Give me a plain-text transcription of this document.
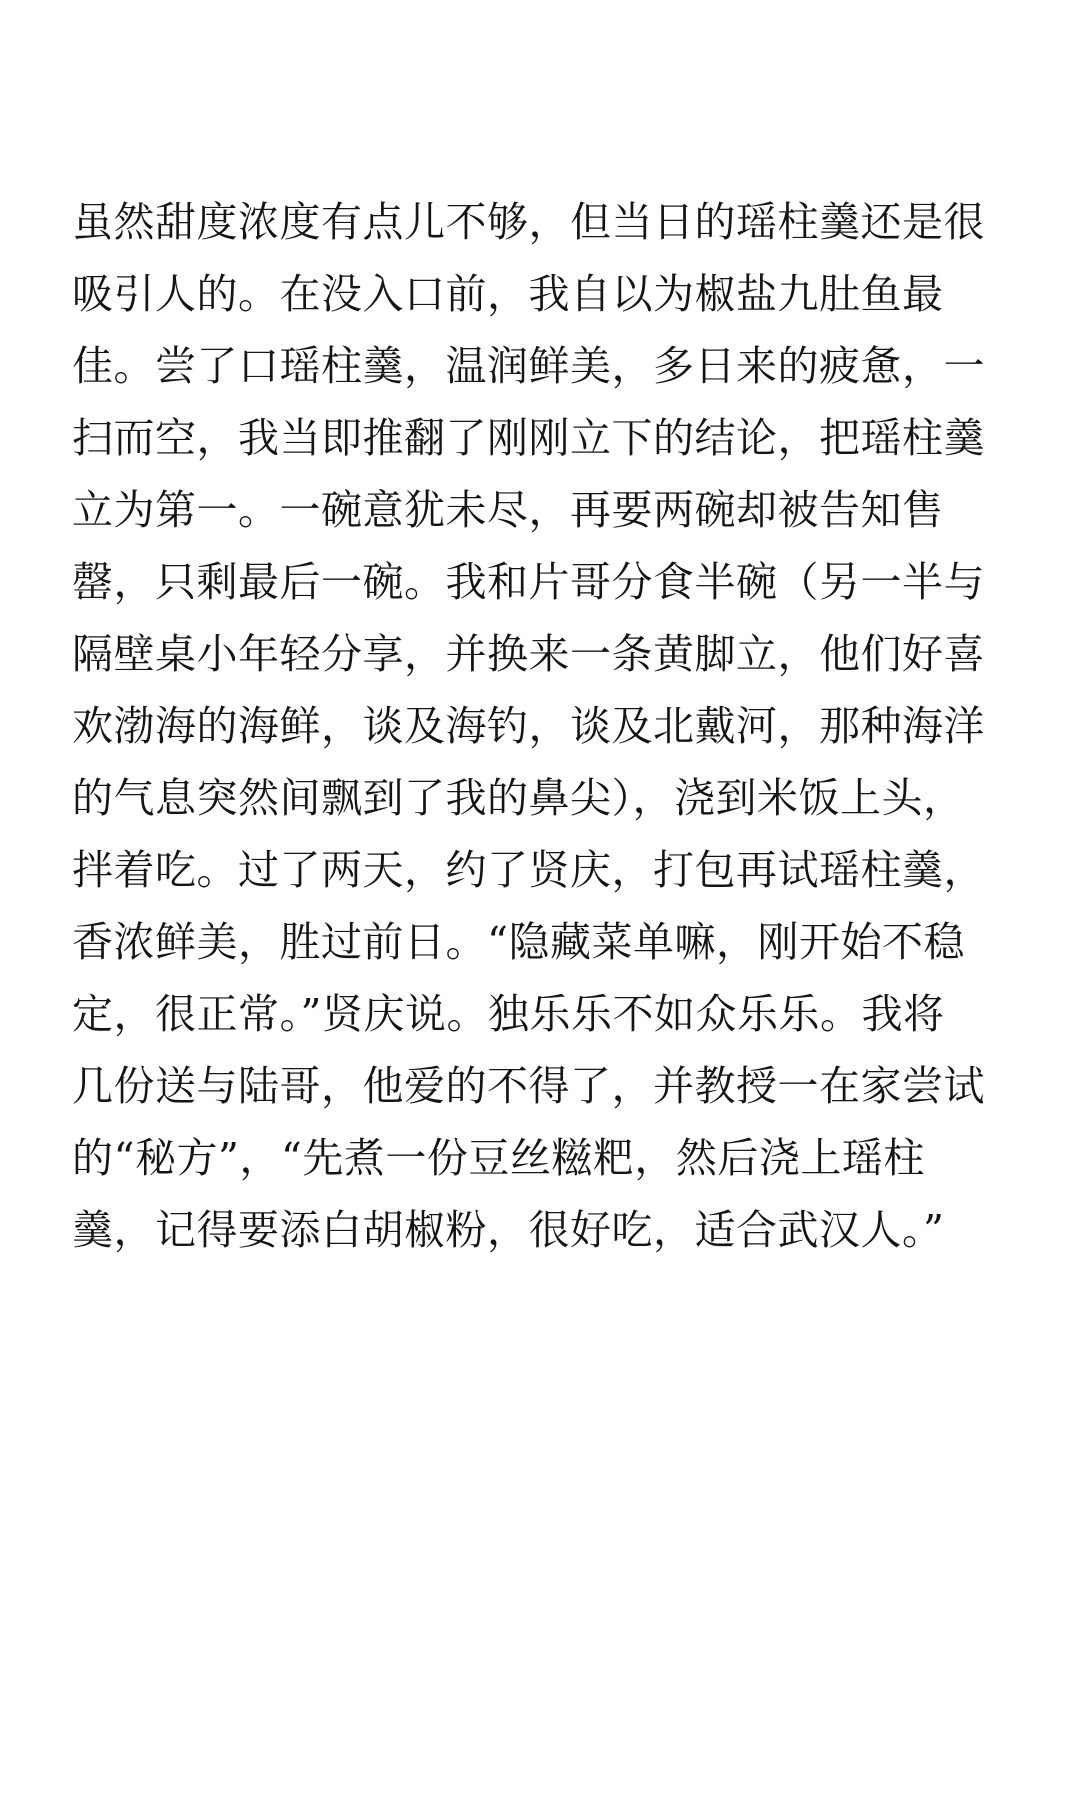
虽然甜度浓度有点儿不够，但当日的瑶柱羹还是很
吸引人的。在没入口前，我自以为椒盐九肚鱼最
佳。尝了口瑶柱羹，温润鲜美，多日来的疲惫，一
扫而空，我当即推翻了刚刚立下的结论，把瑶柱羹
立为第一。一碗意犹未尽，再要两碗却被告知售
罄，只剩最后一碗。我和片哥分食半碗（另一半与
隔壁桌小年轻分享，并换来一条黄脚立，他们好喜
欢渤海的海鲜，谈及海钓，谈及北戴河，那种海洋
的气息突然间飘到了我的鼻尖），浇到米饭上头，
拌着吃。过了两天，约了贤庆，打包再试瑶柱羹，
香浓鲜美，胜过前日。“隐藏菜单嘛，刚开始不稳
定，很正常。”贤庆说。独乐乐不如众乐乐。我将
几份送与陆哥，他爱的不得了，并教授一在家尝试
的“秘方”，“先煮一份豆丝糍粑，然后浇上瑶柱
羹，记得要添白胡椒粉，很好吃，适合武汉人。”
